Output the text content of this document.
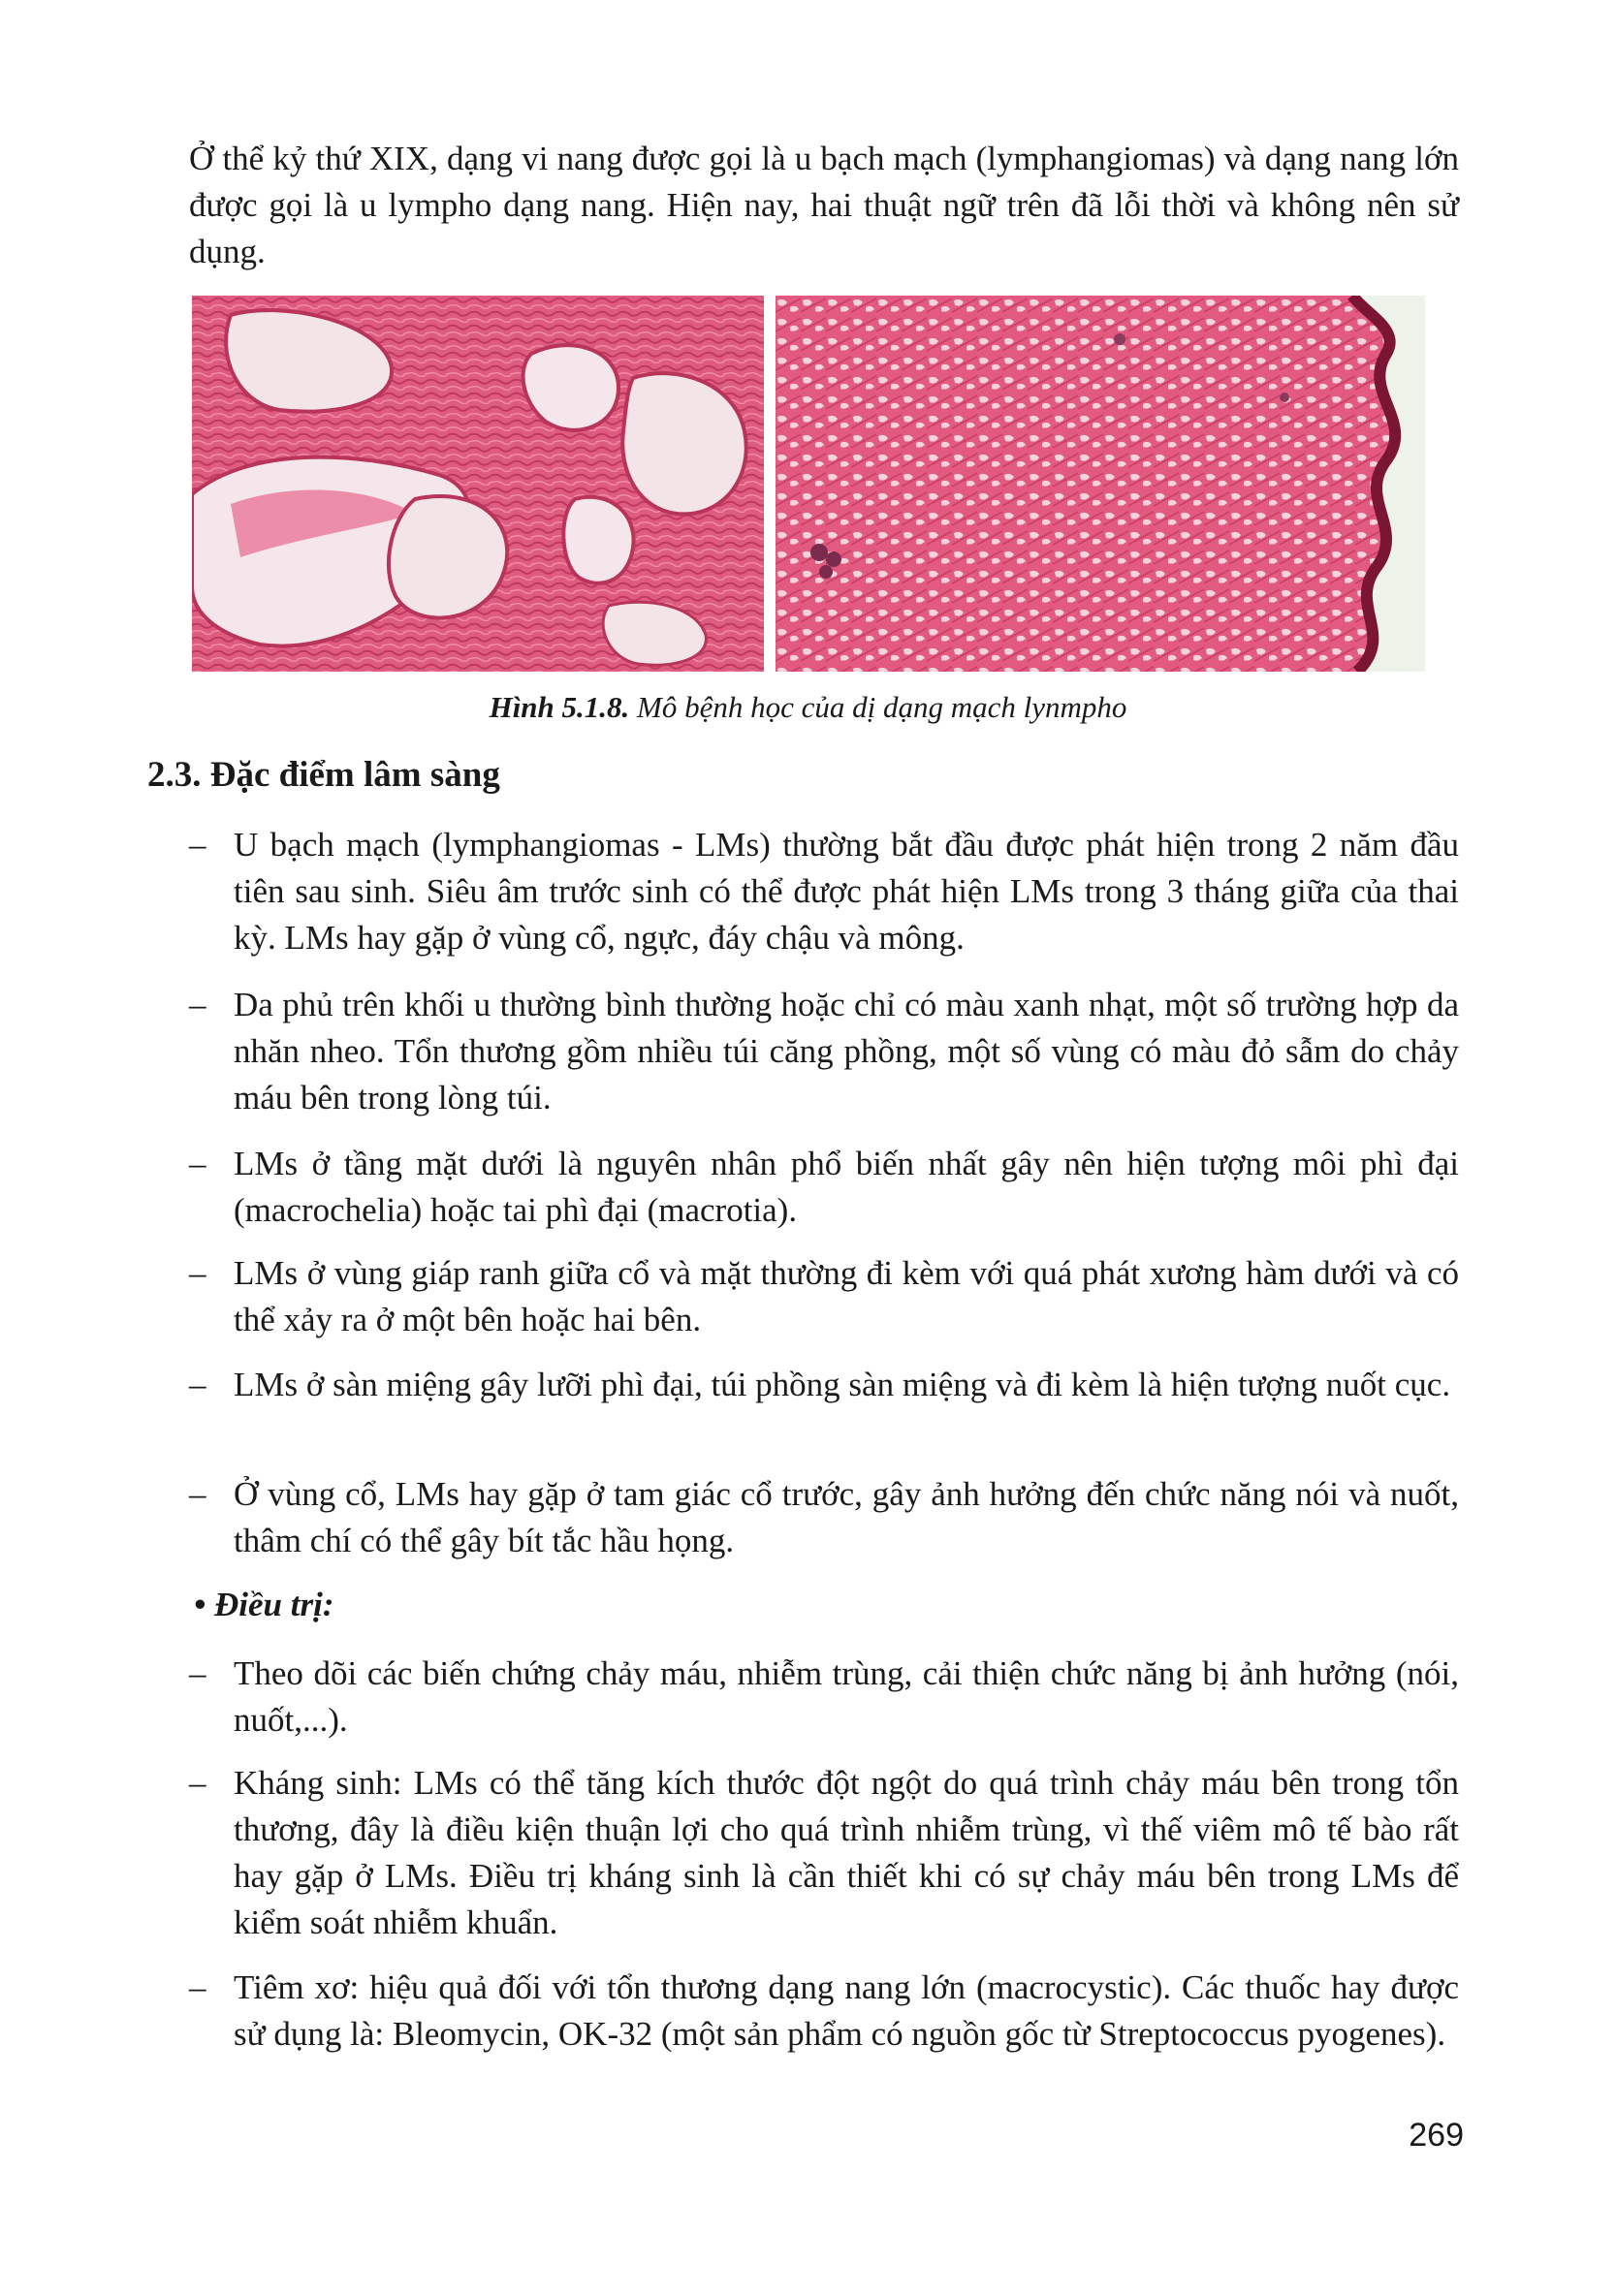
Ở thể kỷ thứ XIX, dạng vi nang được gọi là u bạch mạch (lymphangiomas) và dạng nang lớn được gọi là u lympho dạng nang. Hiện nay, hai thuật ngữ trên đã lỗi thời và không nên sử dụng.

Hình 5.1.8. Mô bệnh học của dị dạng mạch lynmpho

2.3. Đặc điểm lâm sàng
– U bạch mạch (lymphangiomas - LMs) thường bắt đầu được phát hiện trong 2 năm đầu tiên sau sinh. Siêu âm trước sinh có thể được phát hiện LMs trong 3 tháng giữa của thai kỳ. LMs hay gặp ở vùng cổ, ngực, đáy chậu và mông.
– Da phủ trên khối u thường bình thường hoặc chỉ có màu xanh nhạt, một số trường hợp da nhăn nheo. Tổn thương gồm nhiều túi căng phồng, một số vùng có màu đỏ sẫm do chảy máu bên trong lòng túi.
– LMs ở tầng mặt dưới là nguyên nhân phổ biến nhất gây nên hiện tượng môi phì đại (macrochelia) hoặc tai phì đại (macrotia).
– LMs ở vùng giáp ranh giữa cổ và mặt thường đi kèm với quá phát xương hàm dưới và có thể xảy ra ở một bên hoặc hai bên.
– LMs ở sàn miệng gây lưỡi phì đại, túi phồng sàn miệng và đi kèm là hiện tượng nuốt cục.
– Ở vùng cổ, LMs hay gặp ở tam giác cổ trước, gây ảnh hưởng đến chức năng nói và nuốt, thâm chí có thể gây bít tắc hầu họng.

• Điều trị:

– Theo dõi các biến chứng chảy máu, nhiễm trùng, cải thiện chức năng bị ảnh hưởng (nói, nuốt,...).
– Kháng sinh: LMs có thể tăng kích thước đột ngột do quá trình chảy máu bên trong tổn thương, đây là điều kiện thuận lợi cho quá trình nhiễm trùng, vì thế viêm mô tế bào rất hay gặp ở LMs. Điều trị kháng sinh là cần thiết khi có sự chảy máu bên trong LMs để kiểm soát nhiễm khuẩn.
– Tiêm xơ: hiệu quả đối với tổn thương dạng nang lớn (macrocystic). Các thuốc hay được sử dụng là: Bleomycin, OK-32 (một sản phẩm có nguồn gốc từ Streptococcus pyogenes).
269
